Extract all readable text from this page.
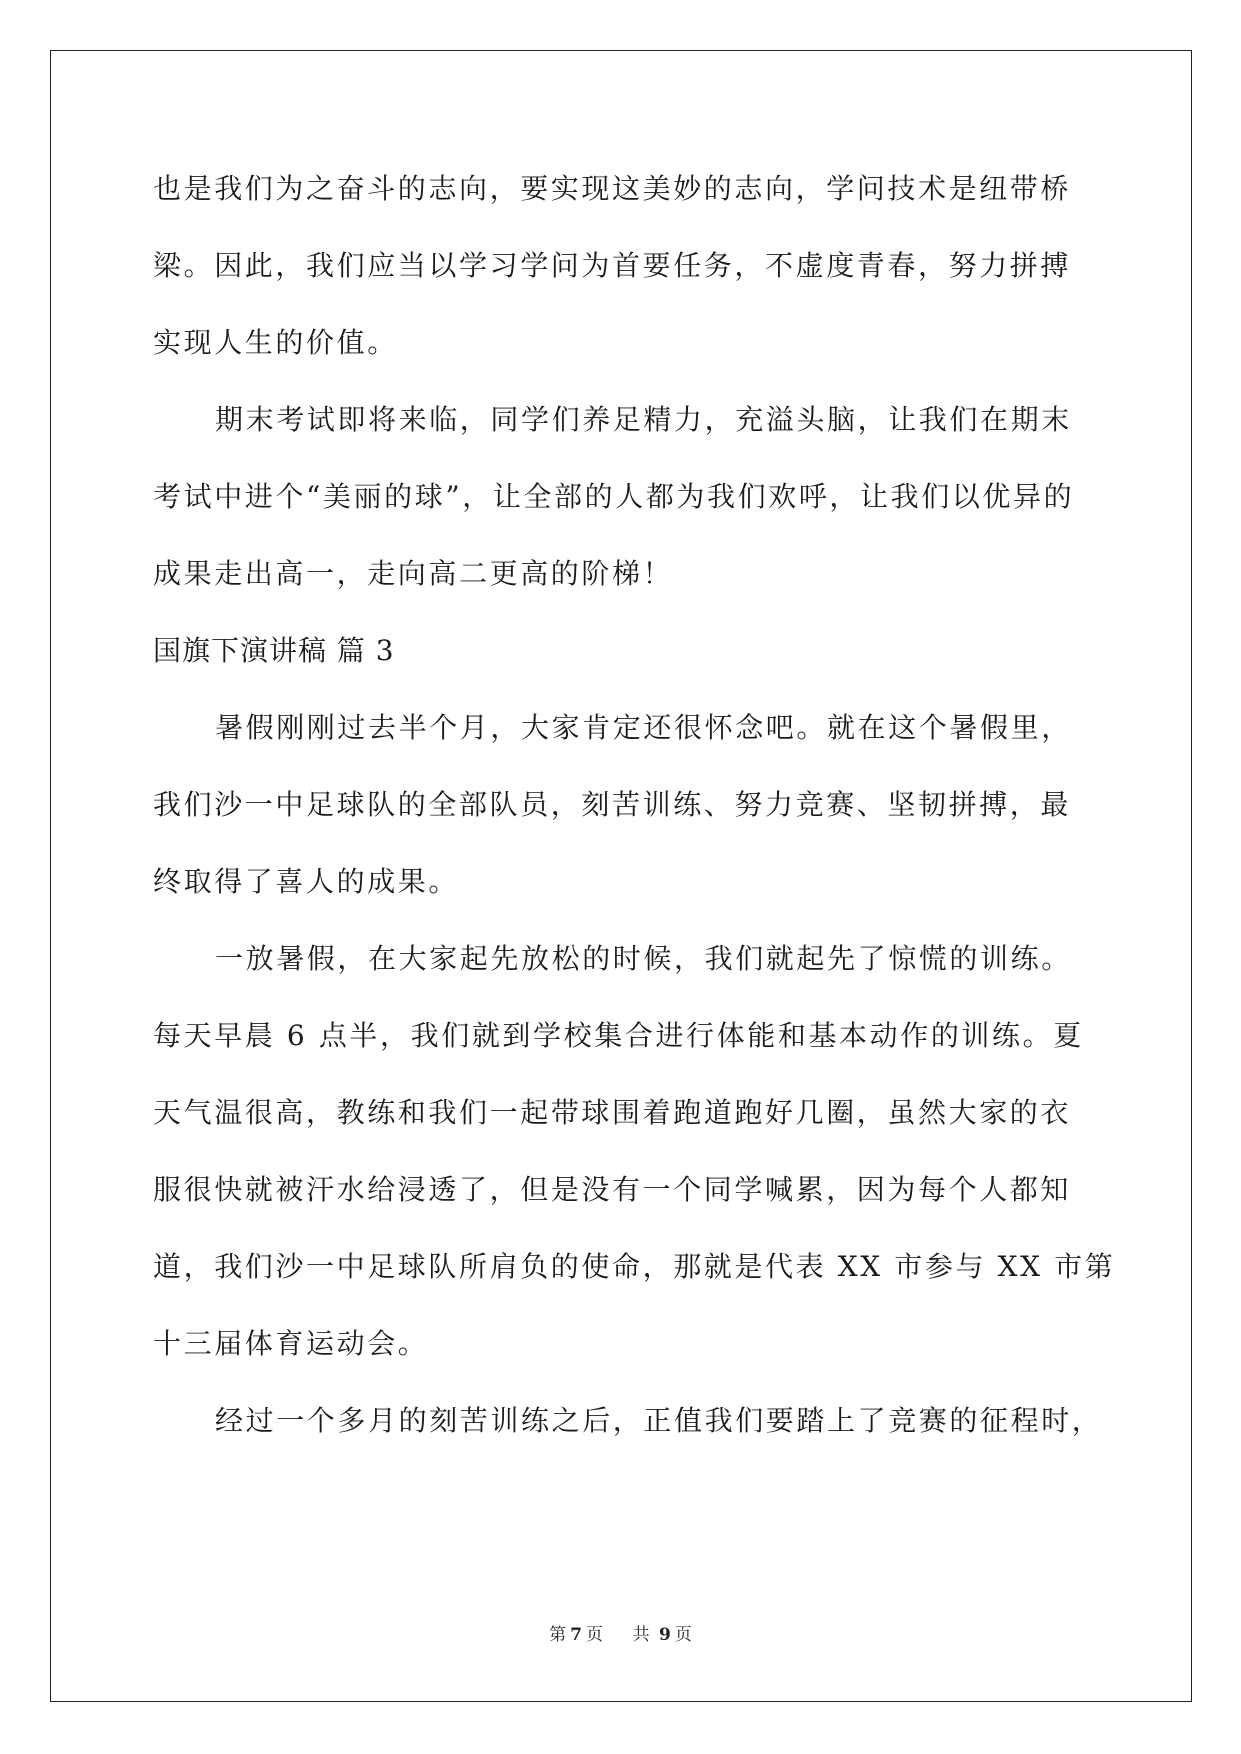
也是我们为之奋斗的志向，要实现这美妙的志向，学问技术是纽带桥
梁。因此，我们应当以学习学问为首要任务，不虚度青春，努力拼搏
实现人生的价值。
期末考试即将来临，同学们养足精力，充溢头脑，让我们在期末
考试中进个“美丽的球”，让全部的人都为我们欢呼，让我们以优异的
成果走出高一，走向高二更高的阶梯！
国旗下演讲稿 篇 3
暑假刚刚过去半个月，大家肯定还很怀念吧。就在这个暑假里，
我们沙一中足球队的全部队员，刻苦训练、努力竞赛、坚韧拼搏，最
终取得了喜人的成果。
一放暑假，在大家起先放松的时候，我们就起先了惊慌的训练。
每天早晨 6 点半，我们就到学校集合进行体能和基本动作的训练。夏
天气温很高，教练和我们一起带球围着跑道跑好几圈，虽然大家的衣
服很快就被汗水给浸透了，但是没有一个同学喊累，因为每个人都知
道，我们沙一中足球队所肩负的使命，那就是代表 XX 市参与 XX 市第
十三届体育运动会。
经过一个多月的刻苦训练之后，正值我们要踏上了竞赛的征程时，
第 7 页 共 9 页
